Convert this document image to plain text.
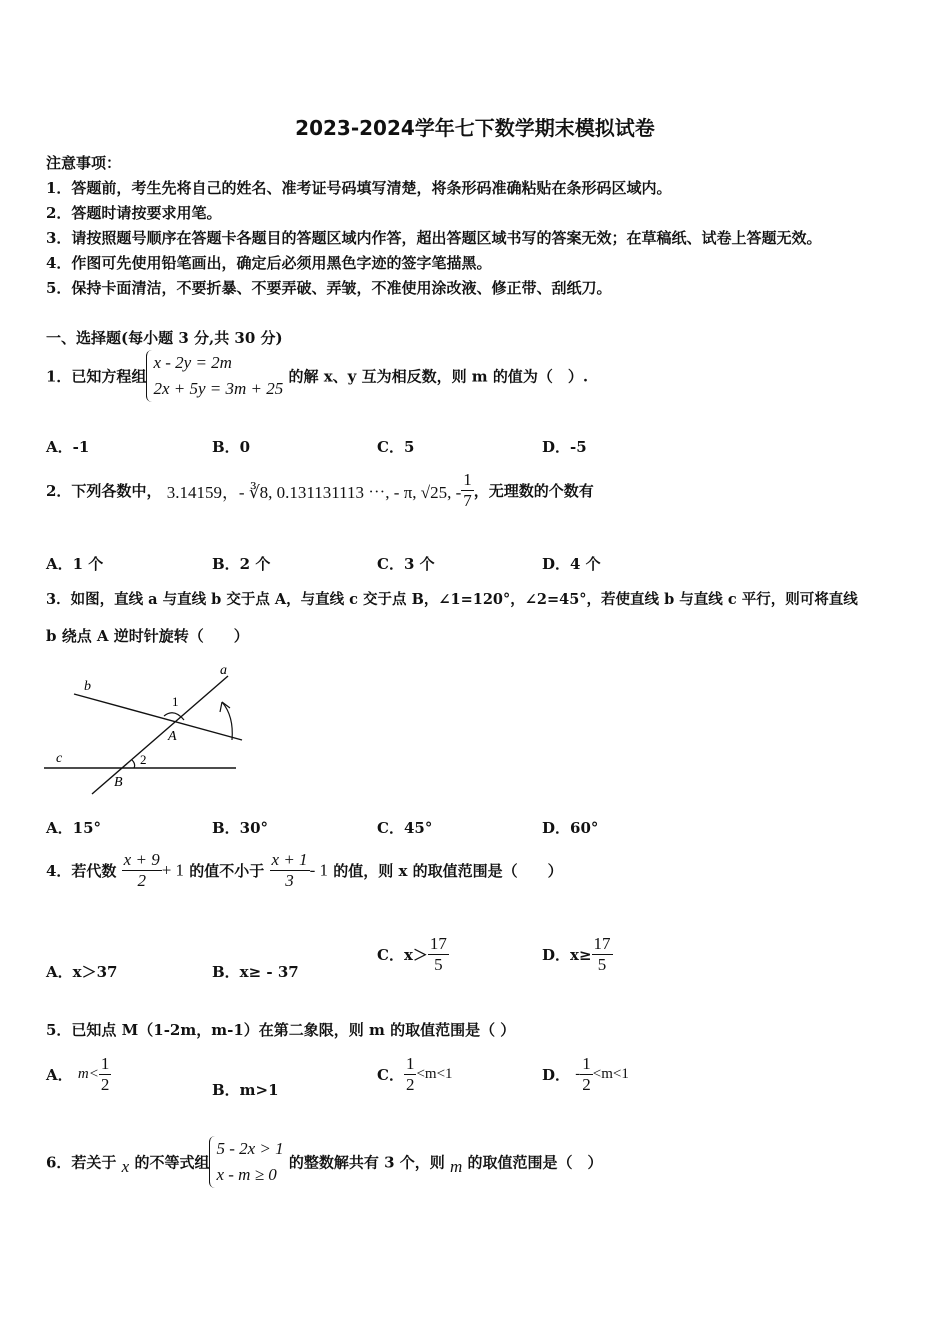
2023-2024学年七下数学期末模拟试卷
注意事项：
1．答题前，考生先将自己的姓名、准考证号码填写清楚，将条形码准确粘贴在条形码区域内。
2．答题时请按要求用笔。
3．请按照题号顺序在答题卡各题目的答题区域内作答，超出答题区域书写的答案无效；在草稿纸、试卷上答题无效。
4．作图可先使用铅笔画出，确定后必须用黑色字迹的签字笔描黑。
5．保持卡面清洁，不要折暴、不要弄破、弄皱，不准使用涂改液、修正带、刮纸刀。
一、选择题(每小题 3 分,共 30 分)
1．已知方程组
x - 2y = 2m
2x + 5y = 3m + 25
的解 x、y 互为相反数，则 m 的值为（　）.
A．-1	B．0	C．5	D．-5
2．下列各数中， 3.14159，- ∛8, 0.131131113 ⋯, - π, √25, - $\frac{1}{7}$ ，无理数的个数有
A．1 个	B．2 个	C．3 个	D．4 个
3．如图，直线 a 与直线 b 交于点 A，与直线 c 交于点 B，∠1=120°，∠2=45°，若使直线 b 与直线 c 平行，则可将直线
b 绕点 A 逆时针旋转（　　）
a
b
c
A
B
1
2
A．15°	B．30°	C．45°	D．60°
4．若代数 $\frac{x + 9}{2} + 1$ 的值不小于 $\frac{x + 1}{3} - 1$ 的值，则 x 的取值范围是（　　）
A．x＞37	B．x≥ - 37
C．$x> \frac{17}{5}$	D．$x\ge \frac{17}{5}$
5．已知点 M（1-2m，m-1）在第二象限，则 m 的取值范围是（ ）
A． $m< \frac{1}{2}$	B．m>1
C． $\frac{1}{2} <m<1$	D． - $\frac{1}{2} <m<1$
6．若关于 x 的不等式组
5 - 2x > 1
x - m ≥ 0
的整数解共有 3 个，则 m 的取值范围是（　）
